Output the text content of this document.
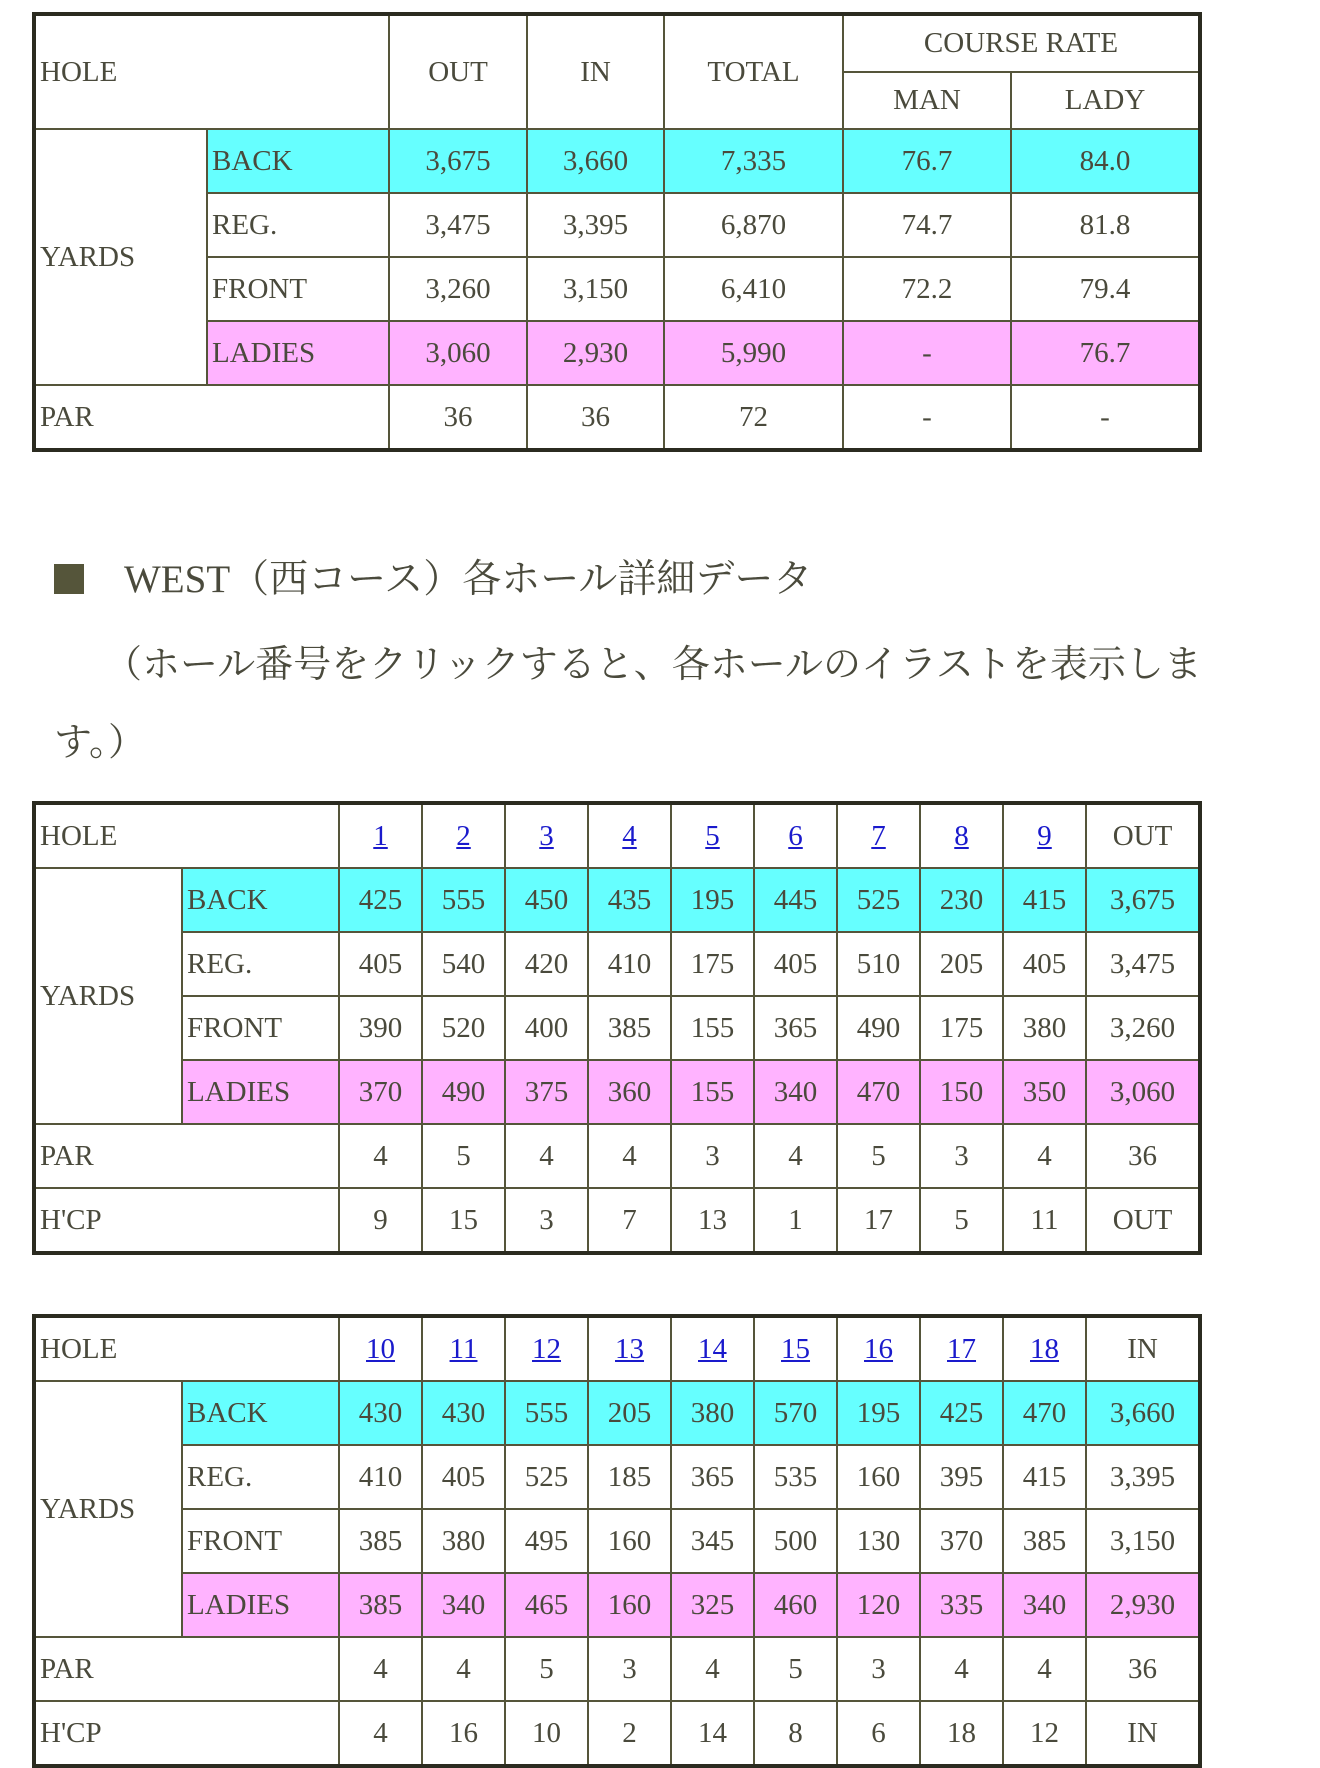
HOLE		OUT	IN	TOTAL	COURSE RATE	
					MAN	LADY
YARDS	BACK	3,675	3,660	7,335	76.7	84.0
	REG.	3,475	3,395	6,870	74.7	81.8
	FRONT	3,260	3,150	6,410	72.2	79.4
	LADIES	3,060	2,930	5,990	-	76.7
PAR		36	36	72	-	-
WEST（西コース）各ホール詳細データ
（ホール番号をクリックすると、各ホールのイラストを表示します。）
HOLE		1	2	3	4	5	6	7	8	9	OUT
YARDS	BACK	425	555	450	435	195	445	525	230	415	3,675
	REG.	405	540	420	410	175	405	510	205	405	3,475
	FRONT	390	520	400	385	155	365	490	175	380	3,260
	LADIES	370	490	375	360	155	340	470	150	350	3,060
PAR		4	5	4	4	3	4	5	3	4	36
H'CP		9	15	3	7	13	1	17	5	11	OUT
HOLE		10	11	12	13	14	15	16	17	18	IN
YARDS	BACK	430	430	555	205	380	570	195	425	470	3,660
	REG.	410	405	525	185	365	535	160	395	415	3,395
	FRONT	385	380	495	160	345	500	130	370	385	3,150
	LADIES	385	340	465	160	325	460	120	335	340	2,930
PAR		4	4	5	3	4	5	3	4	4	36
H'CP		4	16	10	2	14	8	6	18	12	IN
